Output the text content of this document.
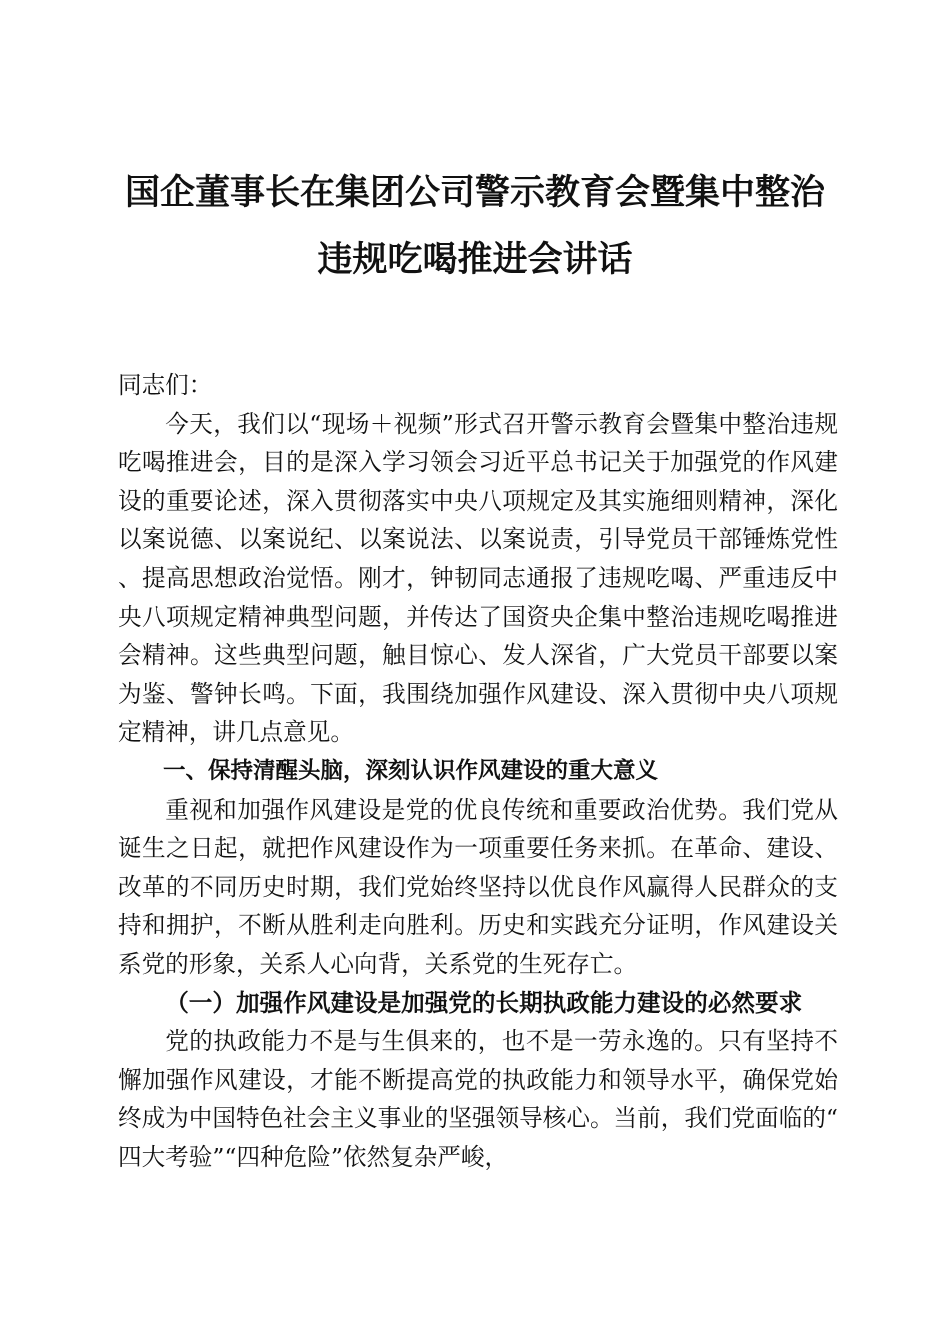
国企董事长在集团公司警示教育会暨集中整治
违规吃喝推进会讲话

同志们：

今天，我们以“现场＋视频”形式召开警示教育会暨集中整治违规吃喝推进会，目的是深入学习领会习近平总书记关于加强党的作风建设的重要论述，深入贯彻落实中央八项规定及其实施细则精神，深化以案说德、以案说纪、以案说法、以案说责，引导党员干部锤炼党性、提高思想政治觉悟。刚才，钟韧同志通报了违规吃喝、严重违反中央八项规定精神典型问题，并传达了国资央企集中整治违规吃喝推进会精神。这些典型问题，触目惊心、发人深省，广大党员干部要以案为鉴、警钟长鸣。下面，我围绕加强作风建设、深入贯彻中央八项规定精神，讲几点意见。

一、保持清醒头脑，深刻认识作风建设的重大意义

重视和加强作风建设是党的优良传统和重要政治优势。我们党从诞生之日起，就把作风建设作为一项重要任务来抓。在革命、建设、改革的不同历史时期，我们党始终坚持以优良作风赢得人民群众的支持和拥护，不断从胜利走向胜利。历史和实践充分证明，作风建设关系党的形象，关系人心向背，关系党的生死存亡。

（一）加强作风建设是加强党的长期执政能力建设的必然要求

党的执政能力不是与生俱来的，也不是一劳永逸的。只有坚持不懈加强作风建设，才能不断提高党的执政能力和领导水平，确保党始终成为中国特色社会主义事业的坚强领导核心。当前，我们党面临的“四大考验”“四种危险”依然复杂严峻，
